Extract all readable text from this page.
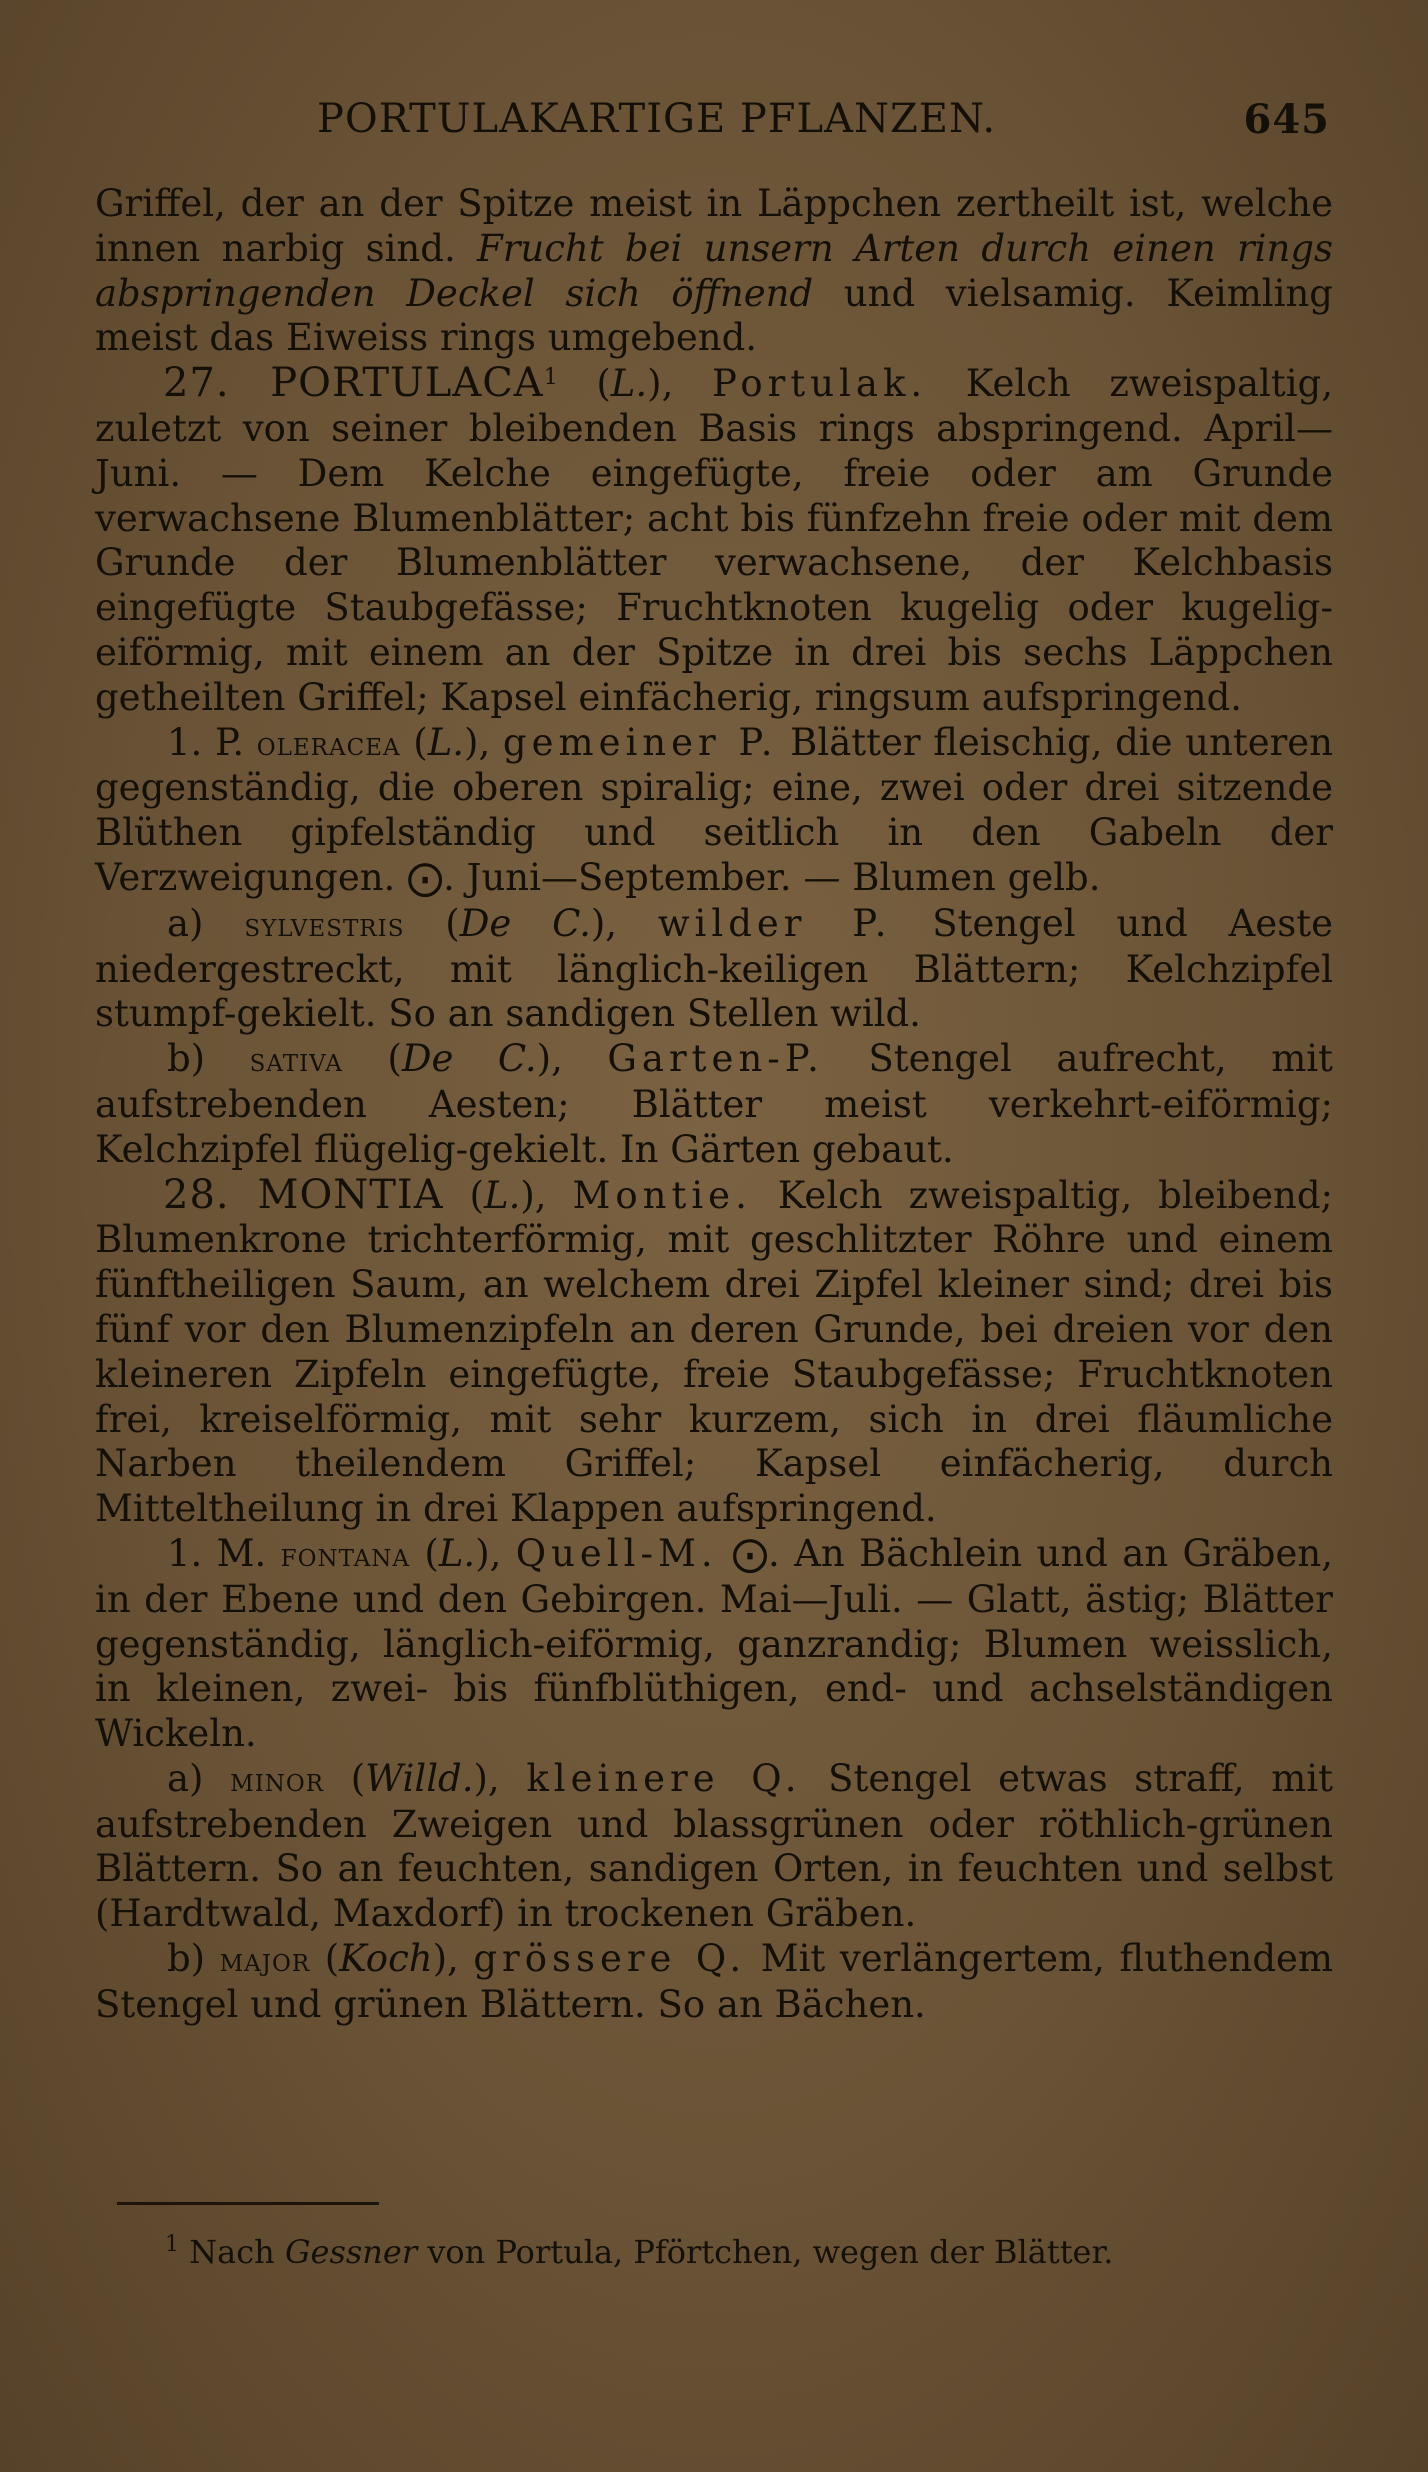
PORTULAKARTIGE PFLANZEN.	645

Griffel, der an der Spitze meist in Läppchen zertheilt ist, welche innen narbig sind. Frucht bei unsern Arten durch einen rings abspringenden Deckel sich öffnend und vielsamig. Keimling meist das Eiweiss rings umgebend.

27. PORTULACA$^1$ (L.), Portulak. Kelch zweispaltig, zuletzt von seiner bleibenden Basis rings abspringend. April—Juni. — Dem Kelche eingefügte, freie oder am Grunde verwachsene Blumenblätter; acht bis fünfzehn freie oder mit dem Grunde der Blumenblätter verwachsene, der Kelchbasis eingefügte Staubgefässe; Fruchtknoten kugelig oder kugelig-eiförmig, mit einem an der Spitze in drei bis sechs Läppchen getheilten Griffel; Kapsel einfächerig, ringsum aufspringend.

1. P. oleracea (L.), gemeiner P. Blätter fleischig, die unteren gegenständig, die oberen spiralig; eine, zwei oder drei sitzende Blüthen gipfelständig und seitlich in den Gabeln der Verzweigungen. ⨀. Juni—September. — Blumen gelb.

a) sylvestris (De C.), wilder P. Stengel und Aeste niedergestreckt, mit länglich-keiligen Blättern; Kelchzipfel stumpf-gekielt. So an sandigen Stellen wild.

b) sativa (De C.), Garten-P. Stengel aufrecht, mit aufstrebenden Aesten; Blätter meist verkehrt-eiförmig; Kelchzipfel flügelig-gekielt. In Gärten gebaut.

28. MONTIA (L.), Montie. Kelch zweispaltig, bleibend; Blumenkrone trichterförmig, mit geschlitzter Röhre und einem fünftheiligen Saum, an welchem drei Zipfel kleiner sind; drei bis fünf vor den Blumenzipfeln an deren Grunde, bei dreien vor den kleineren Zipfeln eingefügte, freie Staubgefässe; Fruchtknoten frei, kreiselförmig, mit sehr kurzem, sich in drei fläumliche Narben theilendem Griffel; Kapsel einfächerig, durch Mitteltheilung in drei Klappen aufspringend.

1. M. fontana (L.), Quell-M. ⨀. An Bächlein und an Gräben, in der Ebene und den Gebirgen. Mai—Juli. — Glatt, ästig; Blätter gegenständig, länglich-eiförmig, ganzrandig; Blumen weisslich, in kleinen, zwei- bis fünfblüthigen, end- und achselständigen Wickeln.

a) minor (Willd.), kleinere Q. Stengel etwas straff, mit aufstrebenden Zweigen und blassgrünen oder röthlich-grünen Blättern. So an feuchten, sandigen Orten, in feuchten und selbst (Hardtwald, Maxdorf) in trockenen Gräben.

b) major (Koch), grössere Q. Mit verlängertem, fluthendem Stengel und grünen Blättern. So an Bächen.

$^1$ Nach Gessner von Portula, Pförtchen, wegen der Blätter.
